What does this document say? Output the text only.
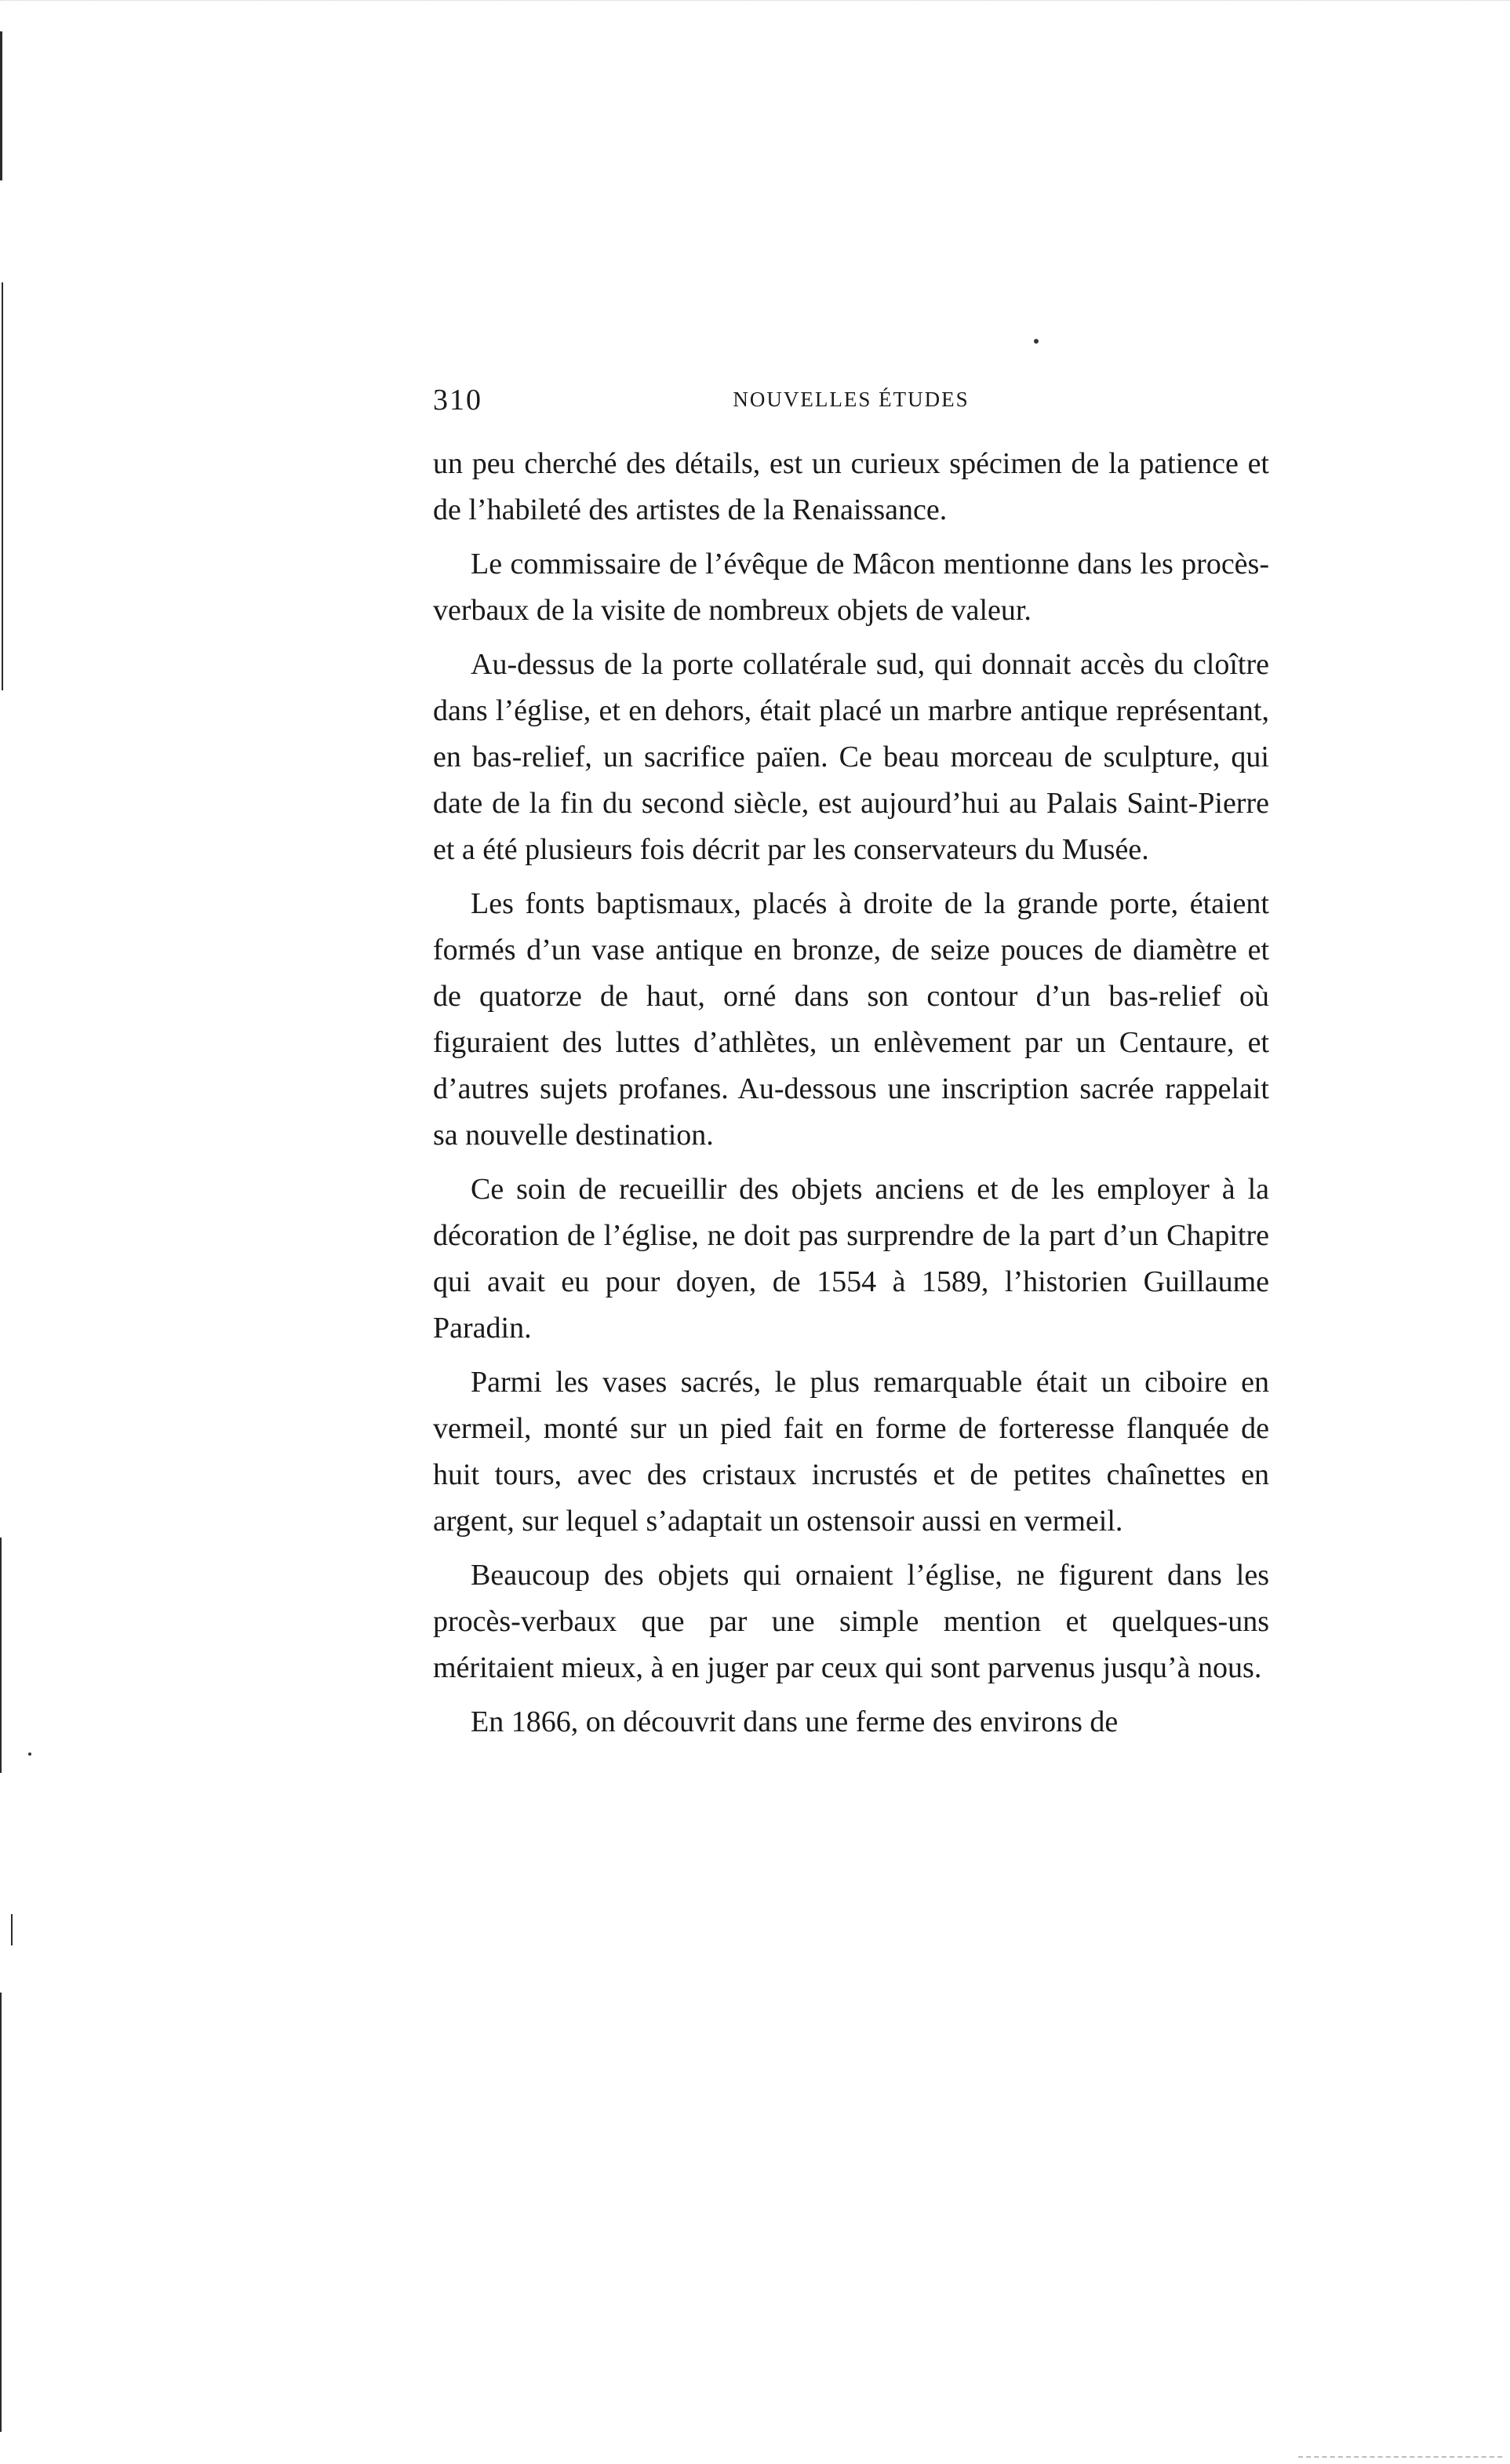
310	NOUVELLES ÉTUDES

un peu cherché des détails, est un curieux spécimen de la patience et de l’habileté des artistes de la Renaissance.

Le commissaire de l’évêque de Mâcon mentionne dans les procès-verbaux de la visite de nombreux objets de valeur.

Au-dessus de la porte collatérale sud, qui donnait accès du cloître dans l’église, et en dehors, était placé un marbre antique représentant, en bas-relief, un sacrifice païen. Ce beau morceau de sculpture, qui date de la fin du second siècle, est aujourd’hui au Palais Saint-Pierre et a été plusieurs fois décrit par les conservateurs du Musée.

Les fonts baptismaux, placés à droite de la grande porte, étaient formés d’un vase antique en bronze, de seize pouces de diamètre et de quatorze de haut, orné dans son contour d’un bas-relief où figuraient des luttes d’athlètes, un enlèvement par un Centaure, et d’autres sujets profanes. Au-dessous une inscription sacrée rappelait sa nouvelle destination.

Ce soin de recueillir des objets anciens et de les employer à la décoration de l’église, ne doit pas surprendre de la part d’un Chapitre qui avait eu pour doyen, de 1554 à 1589, l’historien Guillaume Paradin.

Parmi les vases sacrés, le plus remarquable était un ciboire en vermeil, monté sur un pied fait en forme de forteresse flanquée de huit tours, avec des cristaux incrustés et de petites chaînettes en argent, sur lequel s’adaptait un ostensoir aussi en vermeil.

Beaucoup des objets qui ornaient l’église, ne figurent dans les procès-verbaux que par une simple mention et quelques-uns méritaient mieux, à en juger par ceux qui sont parvenus jusqu’à nous.

En 1866, on découvrit dans une ferme des environs de
